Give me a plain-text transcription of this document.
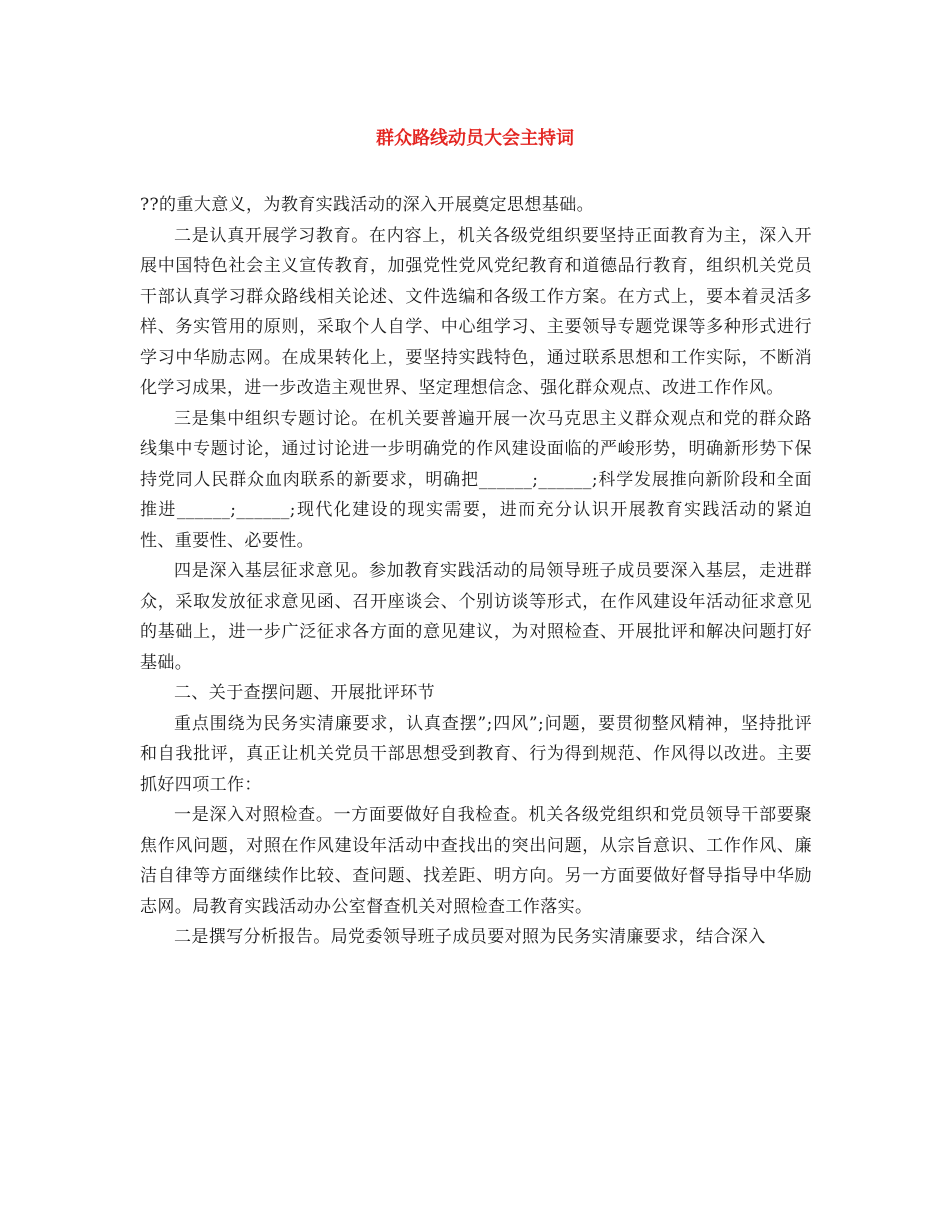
群众路线动员大会主持词

??的重大意义，为教育实践活动的深入开展奠定思想基础。

二是认真开展学习教育。在内容上，机关各级党组织要坚持正面教育为主，深入开展中国特色社会主义宣传教育，加强党性党风党纪教育和道德品行教育，组织机关党员干部认真学习群众路线相关论述、文件选编和各级工作方案。在方式上，要本着灵活多样、务实管用的原则，采取个人自学、中心组学习、主要领导专题党课等多种形式进行学习中华励志网。在成果转化上，要坚持实践特色，通过联系思想和工作实际，不断消化学习成果，进一步改造主观世界、坚定理想信念、强化群众观点、改进工作作风。

三是集中组织专题讨论。在机关要普遍开展一次马克思主义群众观点和党的群众路线集中专题讨论，通过讨论进一步明确党的作风建设面临的严峻形势，明确新形势下保持党同人民群众血肉联系的新要求，明确把______;______;科学发展推向新阶段和全面推进______;______;现代化建设的现实需要，进而充分认识开展教育实践活动的紧迫性、重要性、必要性。

四是深入基层征求意见。参加教育实践活动的局领导班子成员要深入基层，走进群众，采取发放征求意见函、召开座谈会、个别访谈等形式，在作风建设年活动征求意见的基础上，进一步广泛征求各方面的意见建议，为对照检查、开展批评和解决问题打好基础。

二、关于查摆问题、开展批评环节

重点围绕为民务实清廉要求，认真查摆”;四风”;问题，要贯彻整风精神，坚持批评和自我批评，真正让机关党员干部思想受到教育、行为得到规范、作风得以改进。主要抓好四项工作：

一是深入对照检查。一方面要做好自我检查。机关各级党组织和党员领导干部要聚焦作风问题，对照在作风建设年活动中查找出的突出问题，从宗旨意识、工作作风、廉洁自律等方面继续作比较、查问题、找差距、明方向。另一方面要做好督导指导中华励志网。局教育实践活动办公室督查机关对照检查工作落实。

二是撰写分析报告。局党委领导班子成员要对照为民务实清廉要求，结合深入
